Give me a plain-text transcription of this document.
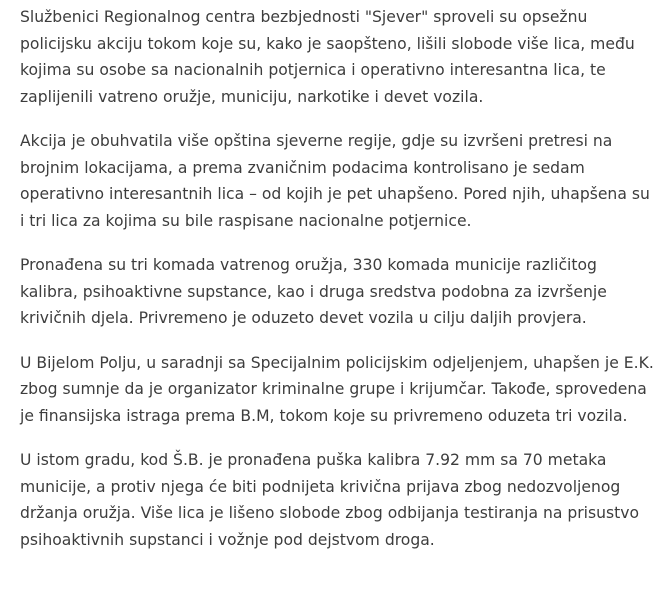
Službenici Regionalnog centra bezbjednosti "Sjever" sproveli su opsežnu policijsku akciju tokom koje su, kako je saopšteno, lišili slobode više lica, među kojima su osobe sa nacionalnih potjernica i operativno interesantna lica, te zaplijenili vatreno oružje, municiju, narkotike i devet vozila.

Akcija je obuhvatila više opština sjeverne regije, gdje su izvršeni pretresi na brojnim lokacijama, a prema zvaničnim podacima kontrolisano je sedam operativno interesantnih lica – od kojih je pet uhapšeno. Pored njih, uhapšena su i tri lica za kojima su bile raspisane nacionalne potjernice.

Pronađena su tri komada vatrenog oružja, 330 komada municije različitog kalibra, psihoaktivne supstance, kao i druga sredstva podobna za izvršenje krivičnih djela. Privremeno je oduzeto devet vozila u cilju daljih provjera.

U Bijelom Polju, u saradnji sa Specijalnim policijskim odjeljenjem, uhapšen je E.K. zbog sumnje da je organizator kriminalne grupe i krijumčar. Takođe, sprovedena je finansijska istraga prema B.M, tokom koje su privremeno oduzeta tri vozila.

U istom gradu, kod Š.B. je pronađena puška kalibra 7.92 mm sa 70 metaka municije, a protiv njega će biti podnijeta krivična prijava zbog nedozvoljenog držanja oružja. Više lica je lišeno slobode zbog odbijanja testiranja na prisustvo psihoaktivnih supstanci i vožnje pod dejstvom droga.
